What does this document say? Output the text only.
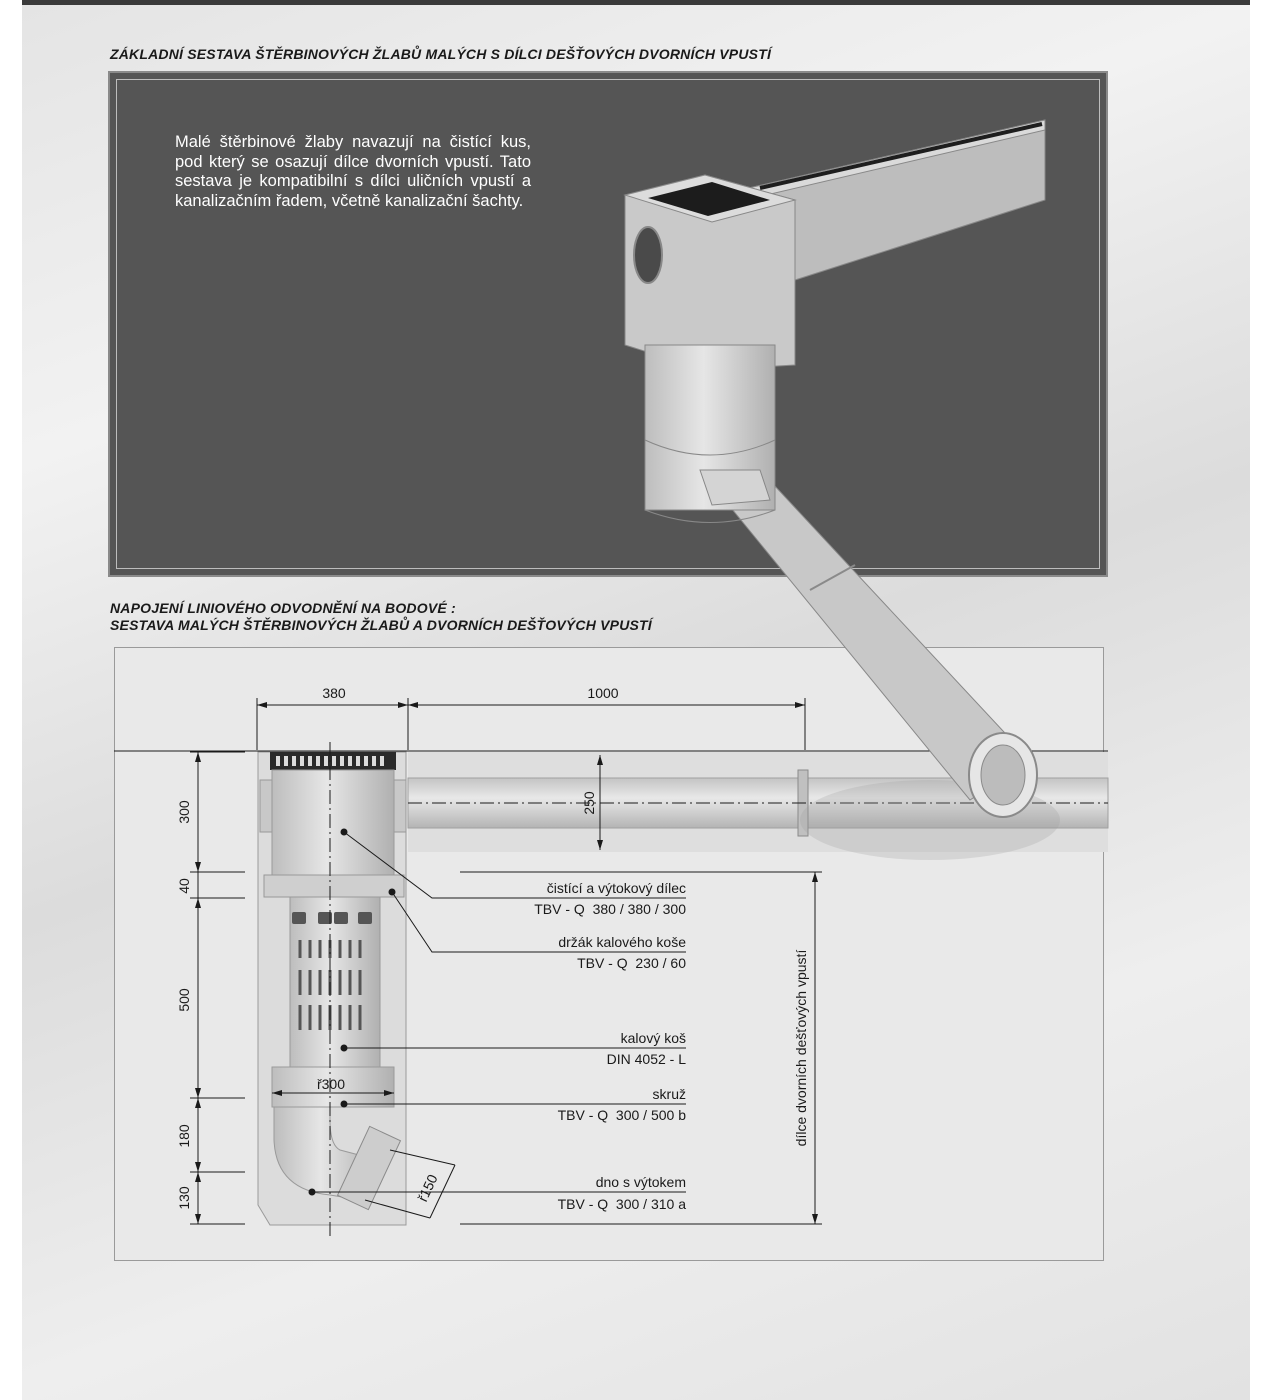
ZÁKLADNÍ SESTAVA ŠTĚRBINOVÝCH ŽLABŮ MALÝCH S DÍLCI DEŠŤOVÝCH DVORNÍCH VPUSTÍ
Malé štěrbinové žlaby navazují na čistící kus, pod který se osazují dílce dvorních vpustí. Tato sestava je kompatibilní s dílci uličních vpustí a kanalizačním řadem, včetně kanalizační šachty.
NAPOJENÍ LINIOVÉHO ODVODNĚNÍ NA BODOVÉ :
SESTAVA MALÝCH ŠTĚRBINOVÝCH ŽLABŮ A DVORNÍCH DEŠŤOVÝCH VPUSTÍ
380	1000
250
300
40
500
180
130
ř300
ř150
čistící a výtokový dílec
TBV - Q  380 / 380 / 300
držák kalového koše
TBV - Q  230 / 60
kalový koš
DIN 4052 - L
skruž
TBV - Q  300 / 500 b
dno s výtokem
TBV - Q  300 / 310 a
dílce dvorních dešťových vpustí
